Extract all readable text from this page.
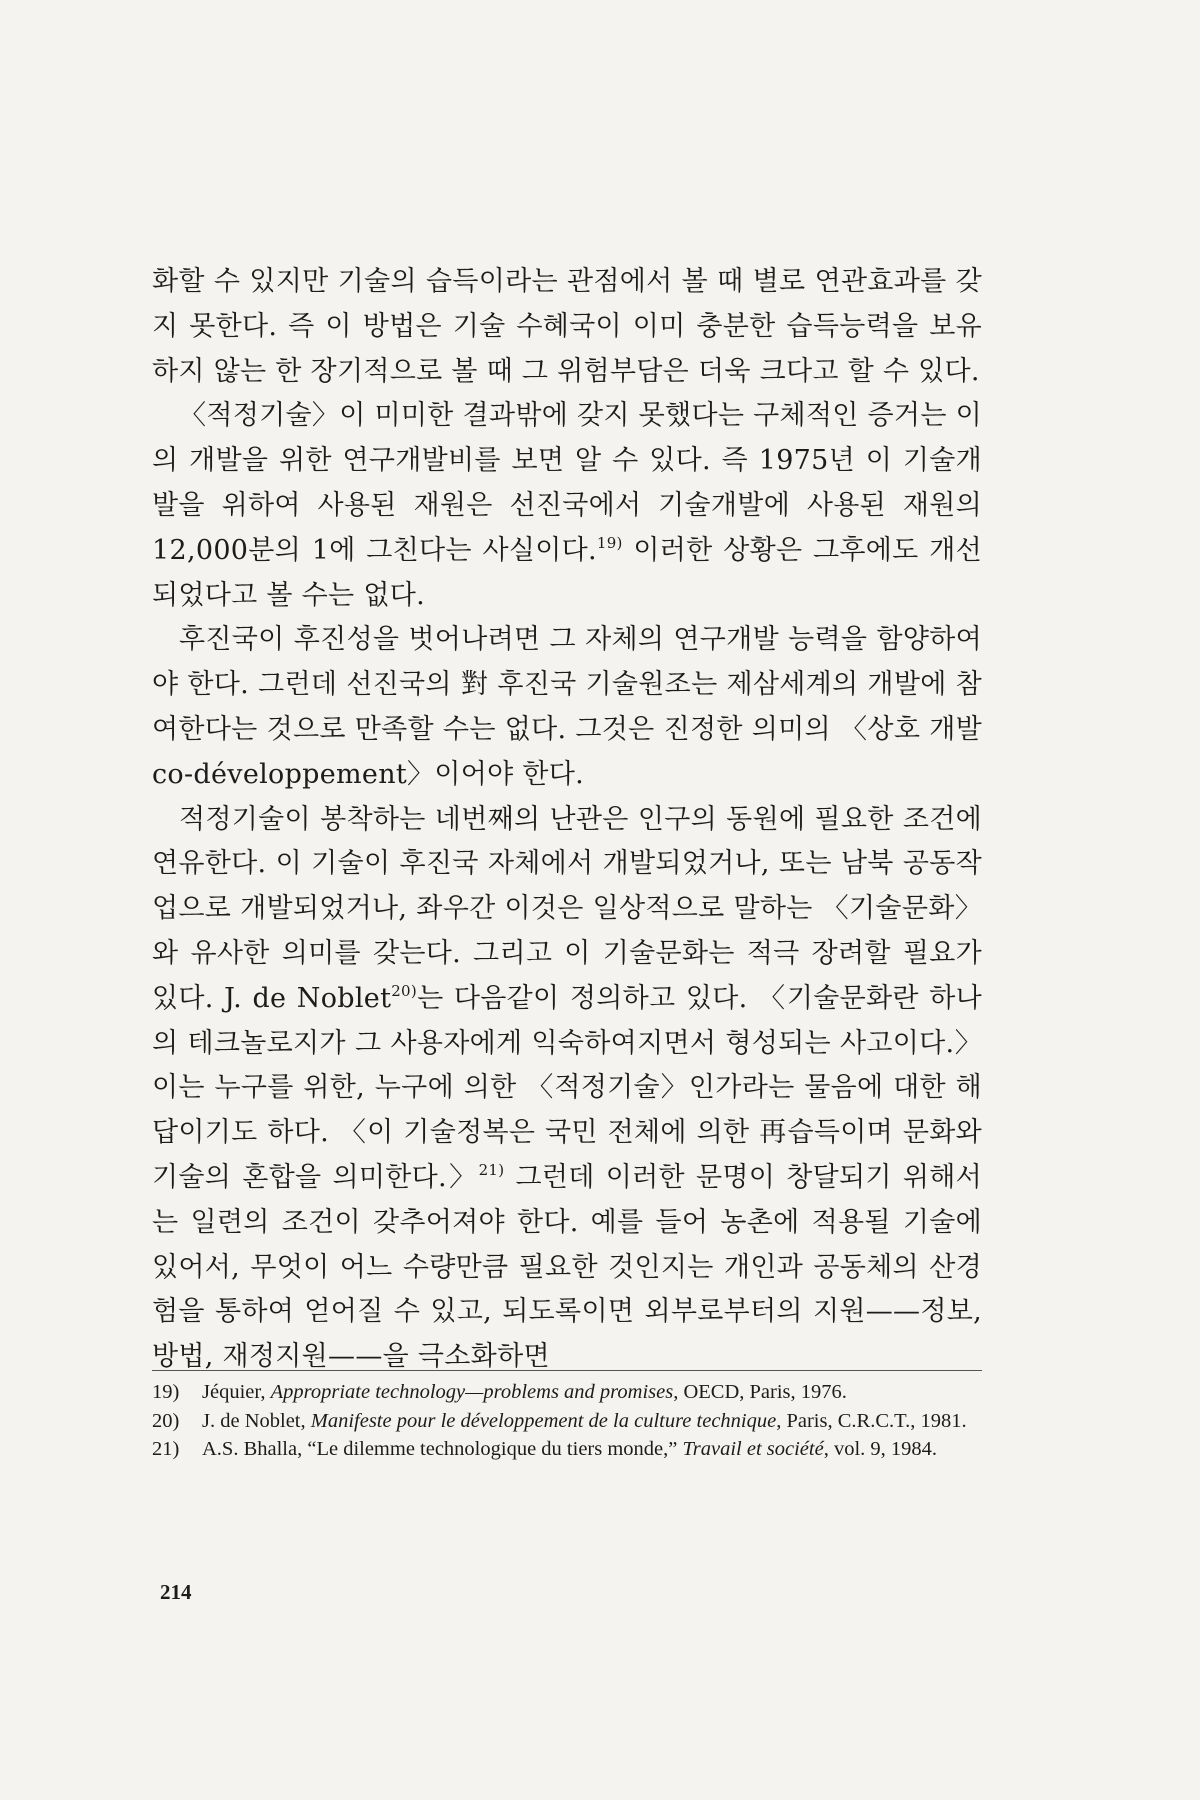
화할 수 있지만 기술의 습득이라는 관점에서 볼 때 별로 연관효과를 갖지 못한다. 즉 이 방법은 기술 수혜국이 이미 충분한 습득능력을 보유하지 않는 한 장기적으로 볼 때 그 위험부담은 더욱 크다고 할 수 있다.

〈적정기술〉이 미미한 결과밖에 갖지 못했다는 구체적인 증거는 이의 개발을 위한 연구개발비를 보면 알 수 있다. 즉 1975년 이 기술개발을 위하여 사용된 재원은 선진국에서 기술개발에 사용된 재원의 12,000분의 1에 그친다는 사실이다.$^{19)}$ 이러한 상황은 그후에도 개선되었다고 볼 수는 없다.

후진국이 후진성을 벗어나려면 그 자체의 연구개발 능력을 함양하여야 한다. 그런데 선진국의 對 후진국 기술원조는 제삼세계의 개발에 참여한다는 것으로 만족할 수는 없다. 그것은 진정한 의미의 〈상호 개발 co-développement〉이어야 한다.

적정기술이 봉착하는 네번째의 난관은 인구의 동원에 필요한 조건에 연유한다. 이 기술이 후진국 자체에서 개발되었거나, 또는 남북 공동작업으로 개발되었거나, 좌우간 이것은 일상적으로 말하는 〈기술문화〉와 유사한 의미를 갖는다. 그리고 이 기술문화는 적극 장려할 필요가 있다. J. de Noblet$^{20)}$는 다음같이 정의하고 있다. 〈기술문화란 하나의 테크놀로지가 그 사용자에게 익숙하여지면서 형성되는 사고이다.〉 이는 누구를 위한, 누구에 의한 〈적정기술〉인가라는 물음에 대한 해답이기도 하다. 〈이 기술정복은 국민 전체에 의한 再습득이며 문화와 기술의 혼합을 의미한다.〉$^{21)}$ 그런데 이러한 문명이 창달되기 위해서는 일련의 조건이 갖추어져야 한다. 예를 들어 농촌에 적용될 기술에 있어서, 무엇이 어느 수량만큼 필요한 것인지는 개인과 공동체의 산경험을 통하여 얻어질 수 있고, 되도록이면 외부로부터의 지원——정보, 방법, 재정지원——을 극소화하면

19)	Jéquier, Appropriate technology—problems and promises, OECD, Paris, 1976.
20)	J. de Noblet, Manifeste pour le développement de la culture technique, Paris, C.R.C.T., 1981.
21)	A.S. Bhalla, “Le dilemme technologique du tiers monde,” Travail et société, vol. 9, 1984.
214
